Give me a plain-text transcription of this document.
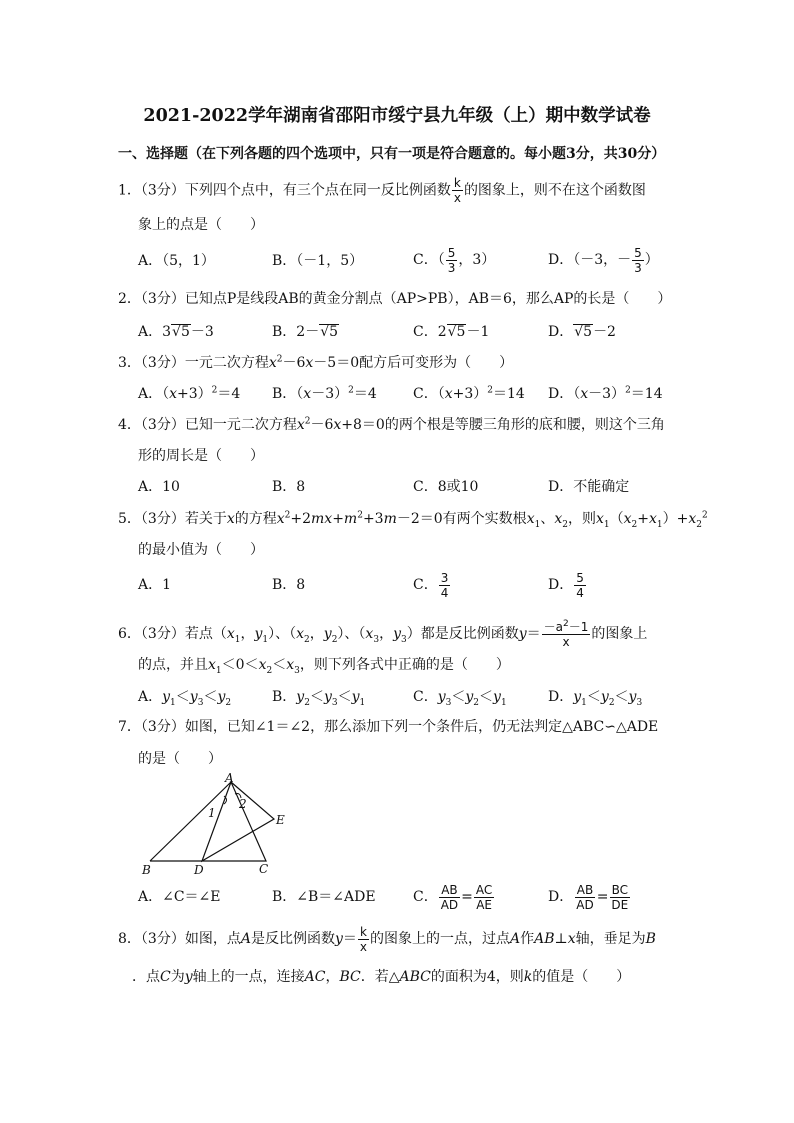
2021-2022学年湖南省邵阳市绥宁县九年级（上）期中数学试卷
一、选择题（在下列各题的四个选项中，只有一项是符合题意的。每小题3分，共30分）
1．（3分）下列四个点中，有三个点在同一反比例函数 $\frac{k}{x}$ 的图象上，则不在这个函数图
象上的点是（　　）
A．（5，1）	B．（－1，5）	C．（ $\frac{5}{3}$ ，3）	D．（－3，－ $\frac{5}{3}$ ）
2．（3分）已知点P是线段AB的黄金分割点（AP>PB），AB＝6，那么AP的长是（　　）
A．3√5－3	B．2－√5	C．2√5－1	D．√5－2
3．（3分）一元二次方程$x^2-6x-5=0$配方后可变形为（　　）
A．$(x+3)^2=4$ B．$(x-3)^2=4$	C．$(x+3)^2=14$ D．$(x-3)^2=14$
4．（3分）已知一元二次方程$x^2-6x+8=0$的两个根是等腰三角形的底和腰，则这个三角
形的周长是（　　）
A．10	B．8	C．8或10	D．不能确定
5．（3分）若关于x的方程$x^2+2mx+m^2+3m-2=0$有两个实数根$x_1$、$x_2$，则$x_1(x_2+x_1)+x_2^2$
的最小值为（　　）
A．1	B．8	C． $\frac{3}{4}$	D． $\frac{5}{4}$
6．（3分）若点（$x_1$，$y_1$）、（$x_2$，$y_2$）、（$x_3$，$y_3$）都是反比例函数$y= \frac{-a^2-1}{x}$ 的图象上
的点，并且$x_1<0<x_2<x_3$，则下列各式中正确的是（　　）
A．$y_1<y_3<y_2$	B．$y_2<y_3<y_1$	C．$y_3<y_2<y_1$	D．$y_1<y_2<y_3$
7．（3分）如图，已知∠1＝∠2，那么添加下列一个条件后，仍无法判定△ABC∽△ADE
的是（　　）
A
B	C
D
E
1
2
A．∠C＝∠E	B．∠B＝∠ADE	C． $\frac{AB}{AD} = \frac{AC}{AE}$	D． $\frac{AB}{AD} = \frac{BC}{DE}$
8．（3分）如图，点A是反比例函数$y= \frac{k}{x}$ 的图象上的一点，过点A作AB⊥x轴，垂足为B
．点C为y轴上的一点，连接AC，BC．若△ABC的面积为4，则k的值是（　　）
